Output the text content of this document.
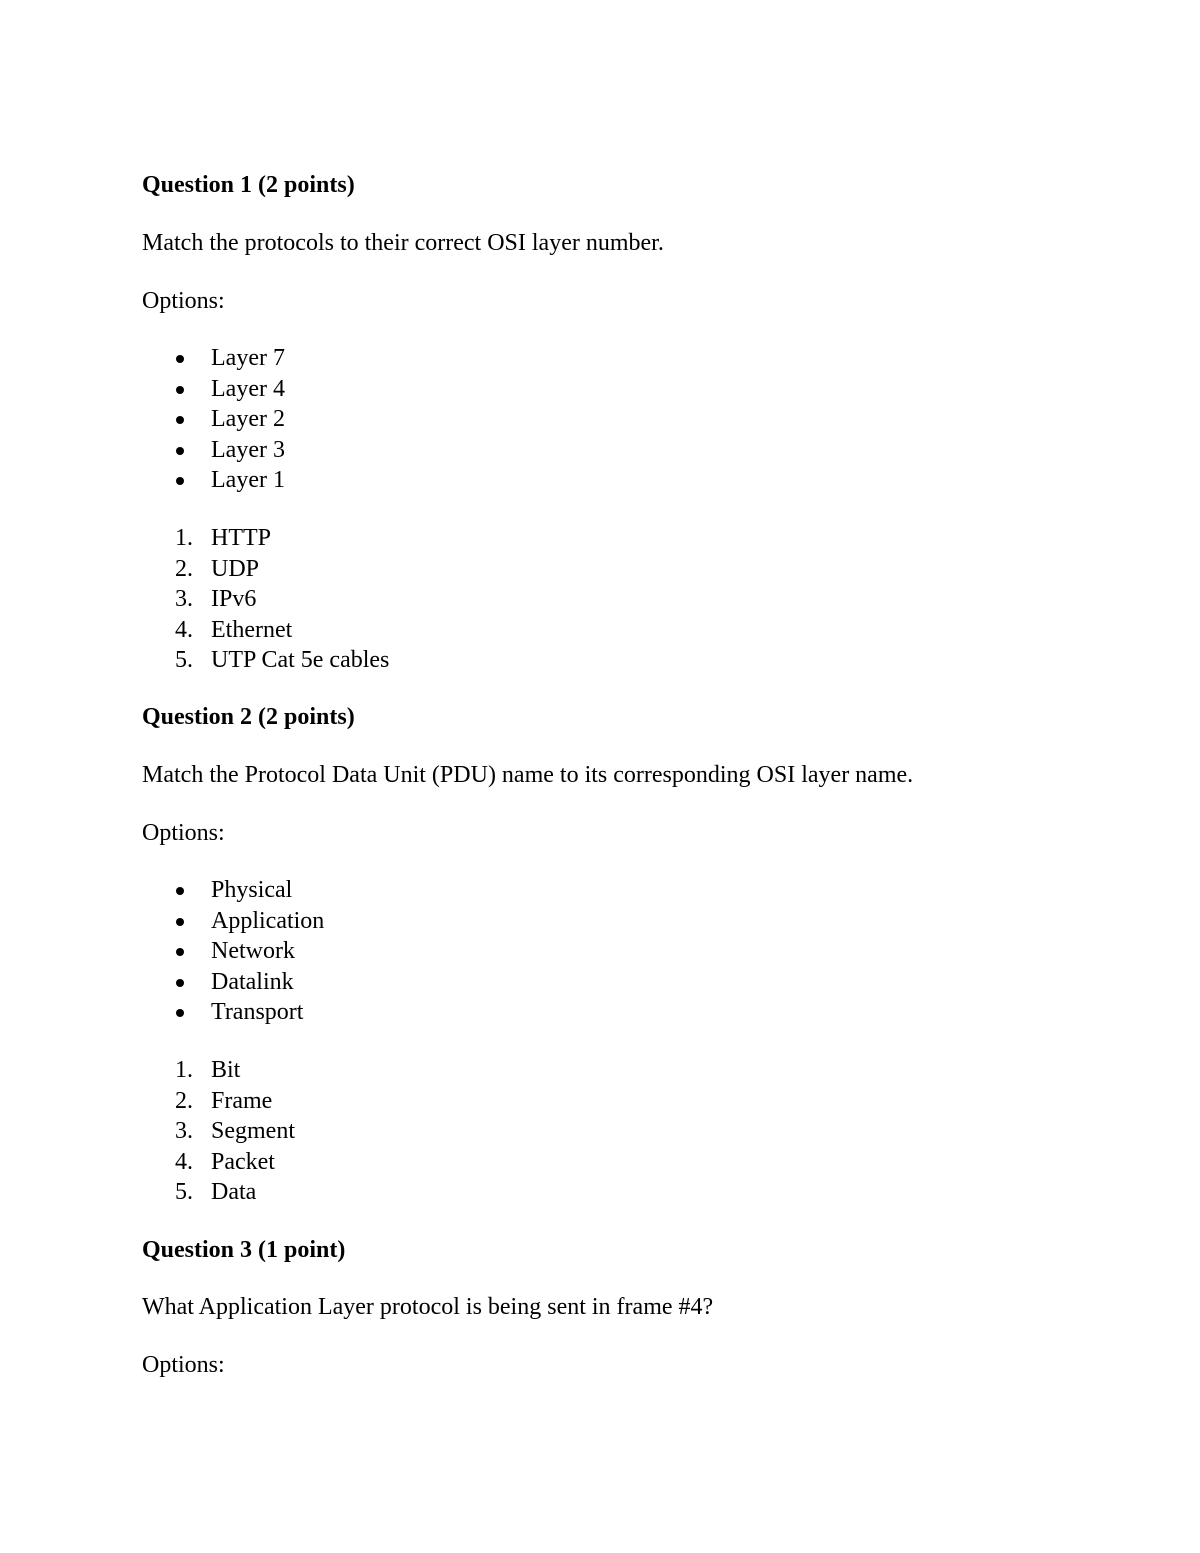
Question 1 (2 points)
Match the protocols to their correct OSI layer number.
Options:
Layer 7
Layer 4
Layer 2
Layer 3
Layer 1
1. HTTP
2. UDP
3. IPv6
4. Ethernet
5. UTP Cat 5e cables
Question 2 (2 points)
Match the Protocol Data Unit (PDU) name to its corresponding OSI layer name.
Options:
Physical
Application
Network
Datalink
Transport
1. Bit
2. Frame
3. Segment
4. Packet
5. Data
Question 3 (1 point)
What Application Layer protocol is being sent in frame #4?
Options:
